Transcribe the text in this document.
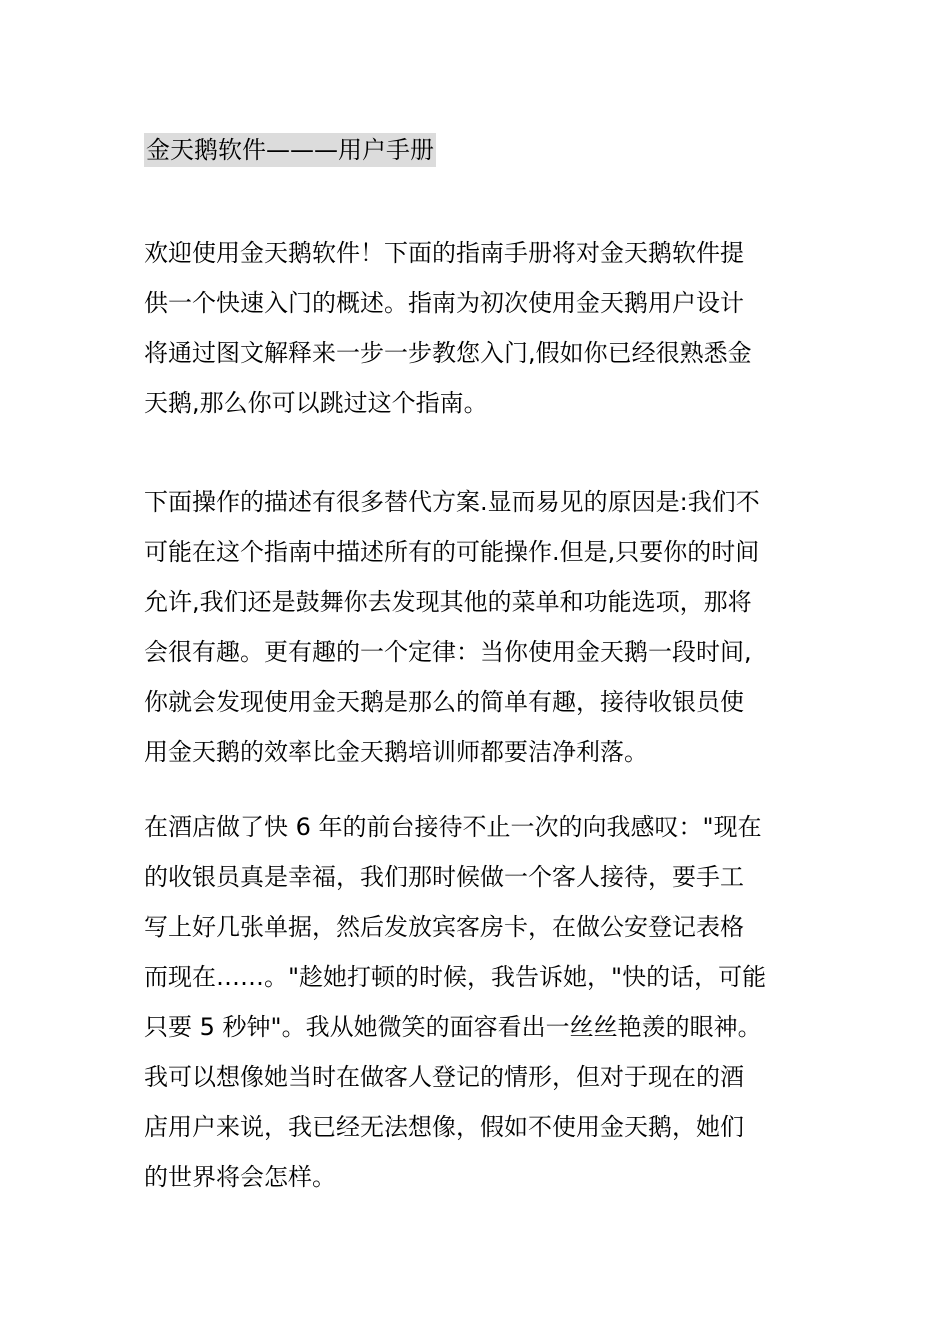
金天鹅软件———用户手册

欢迎使用金天鹅软件！下面的指南手册将对金天鹅软件提
供一个快速入门的概述。指南为初次使用金天鹅用户设计
将通过图文解释来一步一步教您入门,假如你已经很熟悉金
天鹅,那么你可以跳过这个指南。

下面操作的描述有很多替代方案.显而易见的原因是:我们不
可能在这个指南中描述所有的可能操作.但是,只要你的时间
允许,我们还是鼓舞你去发现其他的菜单和功能选项，那将
会很有趣。更有趣的一个定律：当你使用金天鹅一段时间,
你就会发现使用金天鹅是那么的简单有趣，接待收银员使
用金天鹅的效率比金天鹅培训师都要洁净利落。

在酒店做了快 6 年的前台接待不止一次的向我感叹："现在
的收银员真是幸福，我们那时候做一个客人接待，要手工
写上好几张单据，然后发放宾客房卡，在做公安登记表格
而现在……。"趁她打顿的时候，我告诉她，"快的话，可能
只要 5 秒钟"。我从她微笑的面容看出一丝丝艳羡的眼神。
我可以想像她当时在做客人登记的情形，但对于现在的酒
店用户来说，我已经无法想像，假如不使用金天鹅，她们
的世界将会怎样。
